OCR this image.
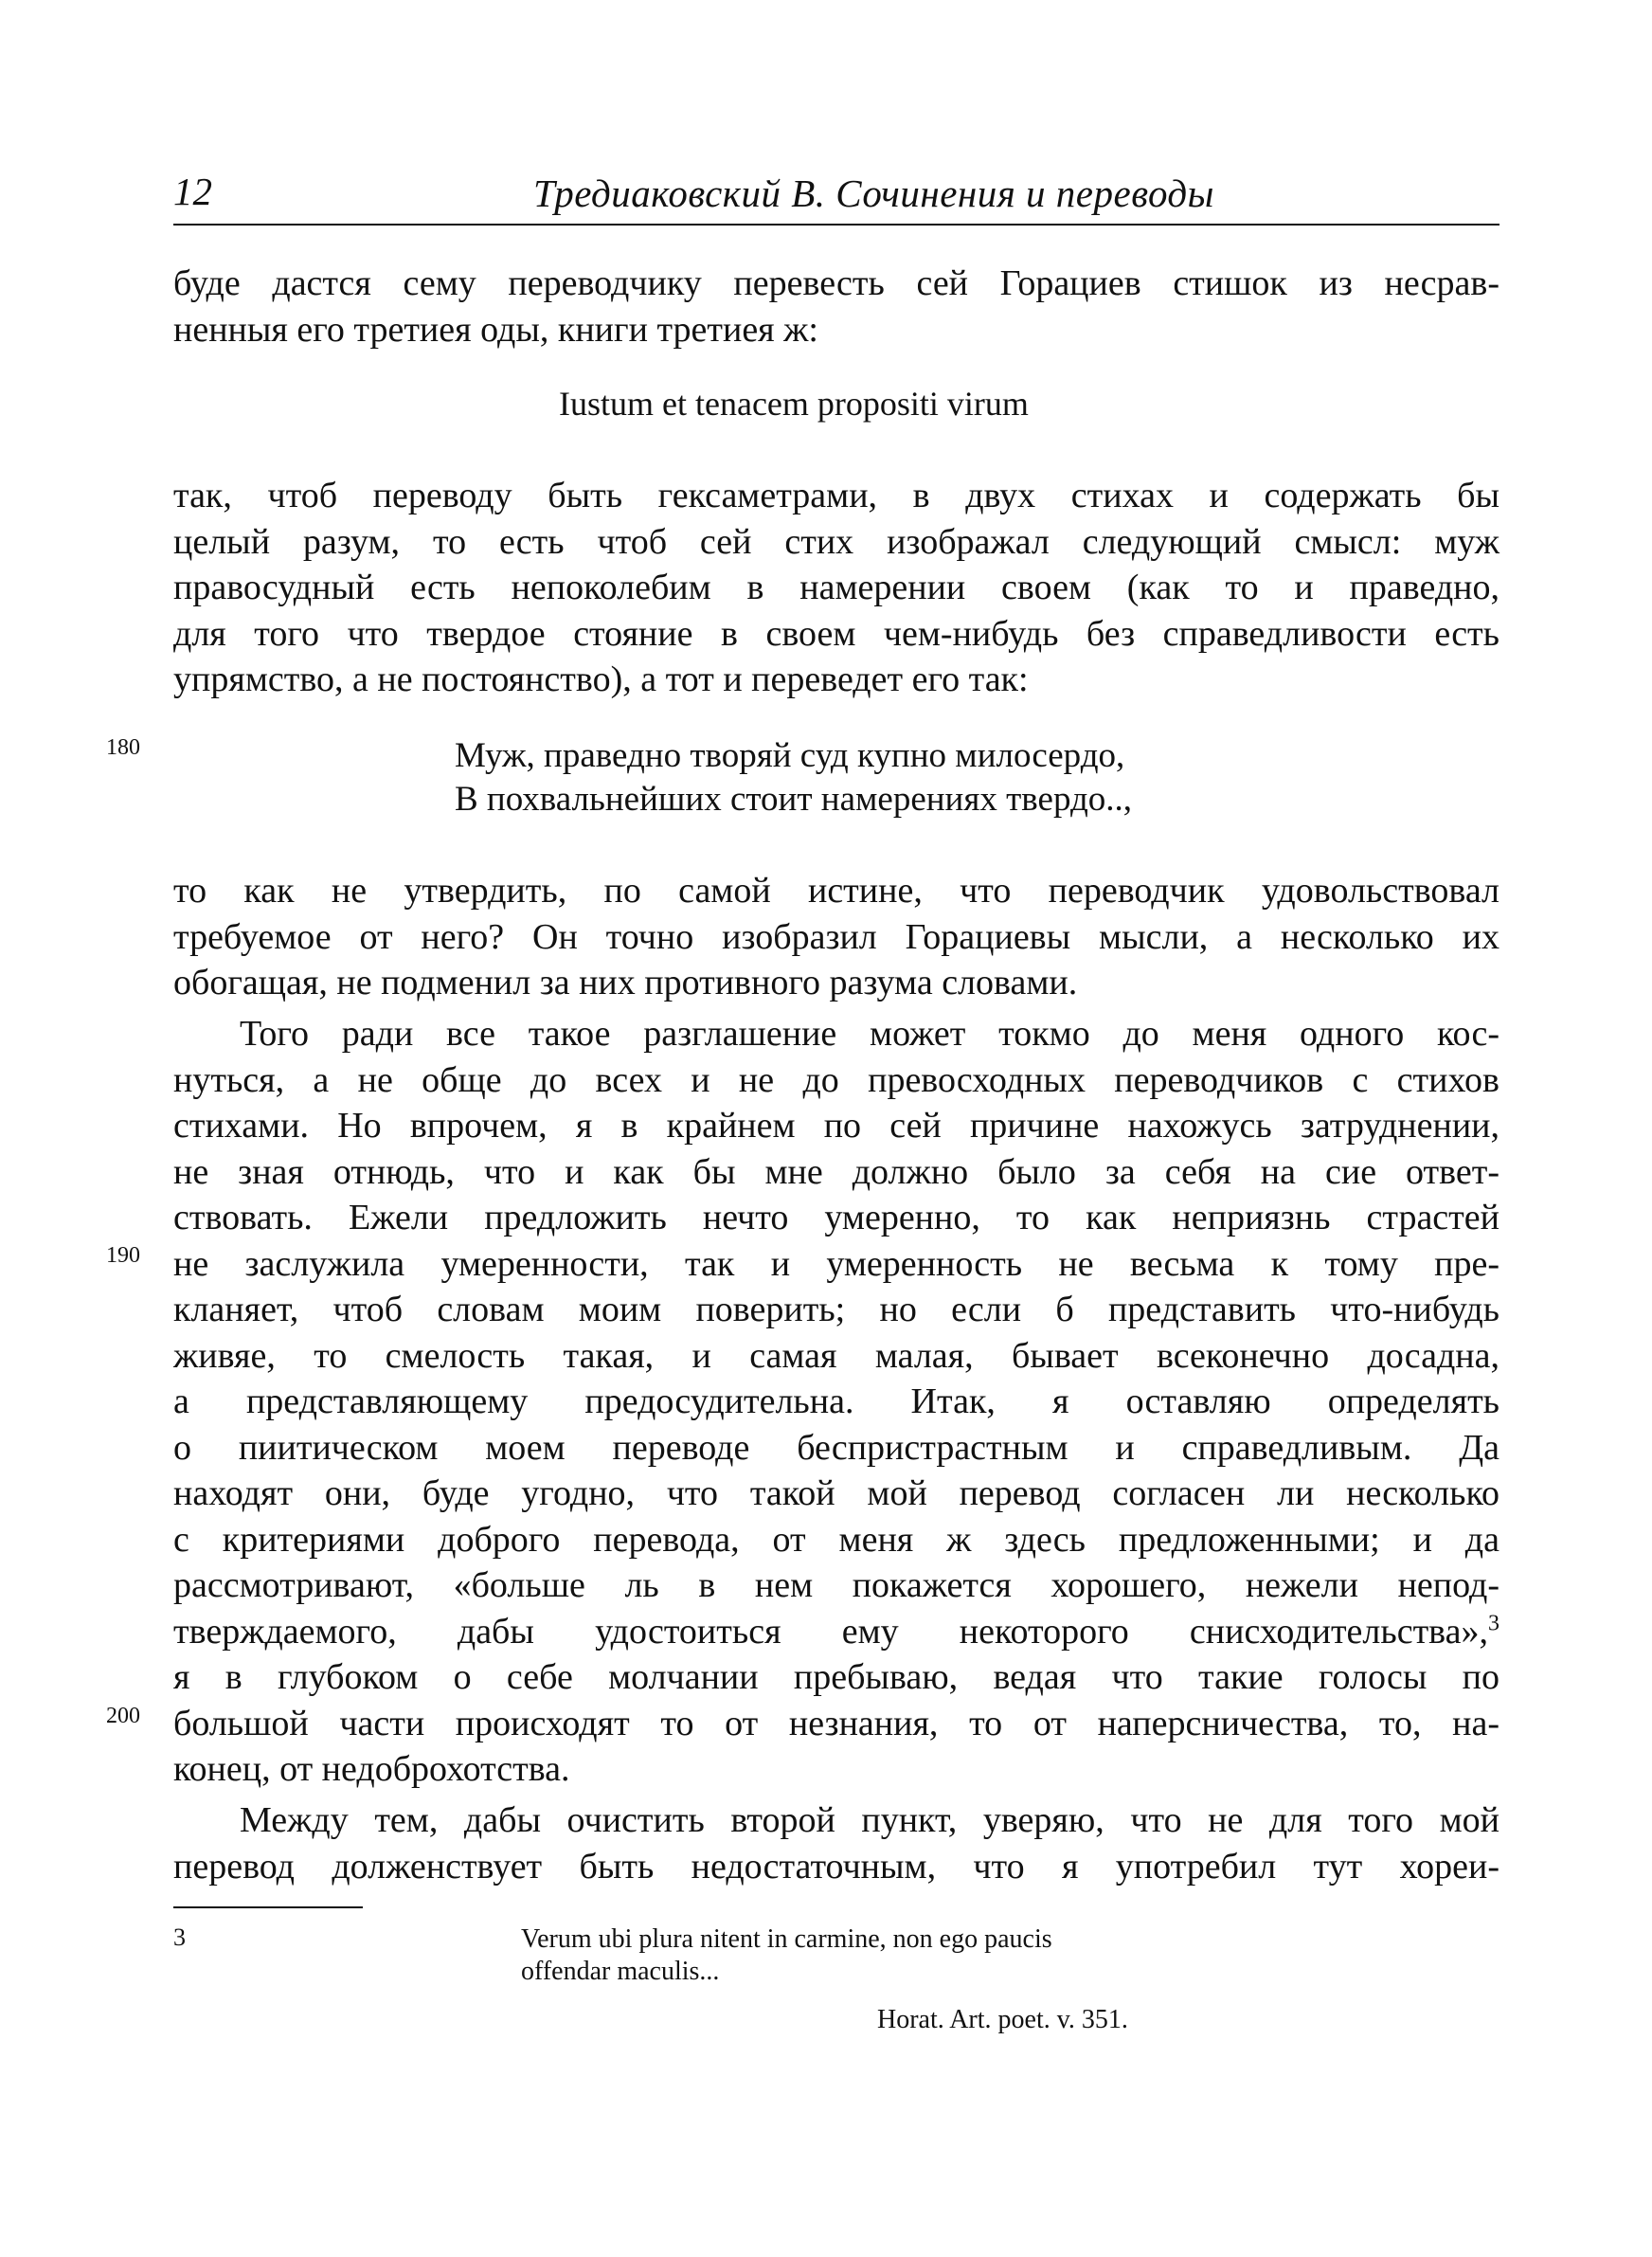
12	Тредиаковский В. Сочинения и переводы
буде дастся сему переводчику перевесть сей Горациев стишок из несрав-
ненныя его третиея оды, книги третиея ж:
Iustum et tenacem propositi virum
так, чтоб переводу быть гексаметрами, в двух стихах и содержать бы
целый разум, то есть чтоб сей стих изображал следующий смысл: муж
правосудный есть непоколебим в намерении своем (как то и праведно,
для того что твердое стояние в своем чем-нибудь без справедливости есть
упрямство, а не постоянство), а тот и переведет его так:
180	Муж, праведно творяй суд купно милосердо,
В похвальнейших стоит намерениях твердо..,
то как не утвердить, по самой истине, что переводчик удовольствовал
требуемое от него? Он точно изобразил Горациевы мысли, а несколько их
обогащая, не подменил за них противного разума словами.
Того ради все такое разглашение может токмо до меня одного кос-
нуться, а не обще до всех и не до превосходных переводчиков с стихов
стихами. Но впрочем, я в крайнем по сей причине нахожусь затруднении,
не зная отнюдь, что и как бы мне должно было за себя на сие ответ-
ствовать. Ежели предложить нечто умеренно, то как неприязнь страстей
не заслужила умеренности, так и умеренность не весьма к тому пре-
кланяет, чтоб словам моим поверить; но если б представить что-нибудь
живяе, то смелость такая, и самая малая, бывает всеконечно досадна,
а представляющему предосудительна. Итак, я оставляю определять
о пиитическом моем переводе беспристрастным и справедливым. Да
находят они, буде угодно, что такой мой перевод согласен ли несколько
с критериями доброго перевода, от меня ж здесь предложенными; и да
рассмотривают, «больше ль в нем покажется хорошего, нежели непод-
тверждаемого, дабы удостоиться ему некоторого снисходительства»,$^3$
я в глубоком о себе молчании пребываю, ведая что такие голосы по
большой части происходят то от незнания, то от наперсничества, то, на-
конец, от недоброхотства.
190
200
Между тем, дабы очистить второй пункт, уверяю, что не для того мой
перевод долженствует быть недостаточным, что я употребил тут хореи-
3	Verum ubi plura nitent in carmine, non ego paucis
offendar maculis...
Horat. Art. poet. v. 351.
